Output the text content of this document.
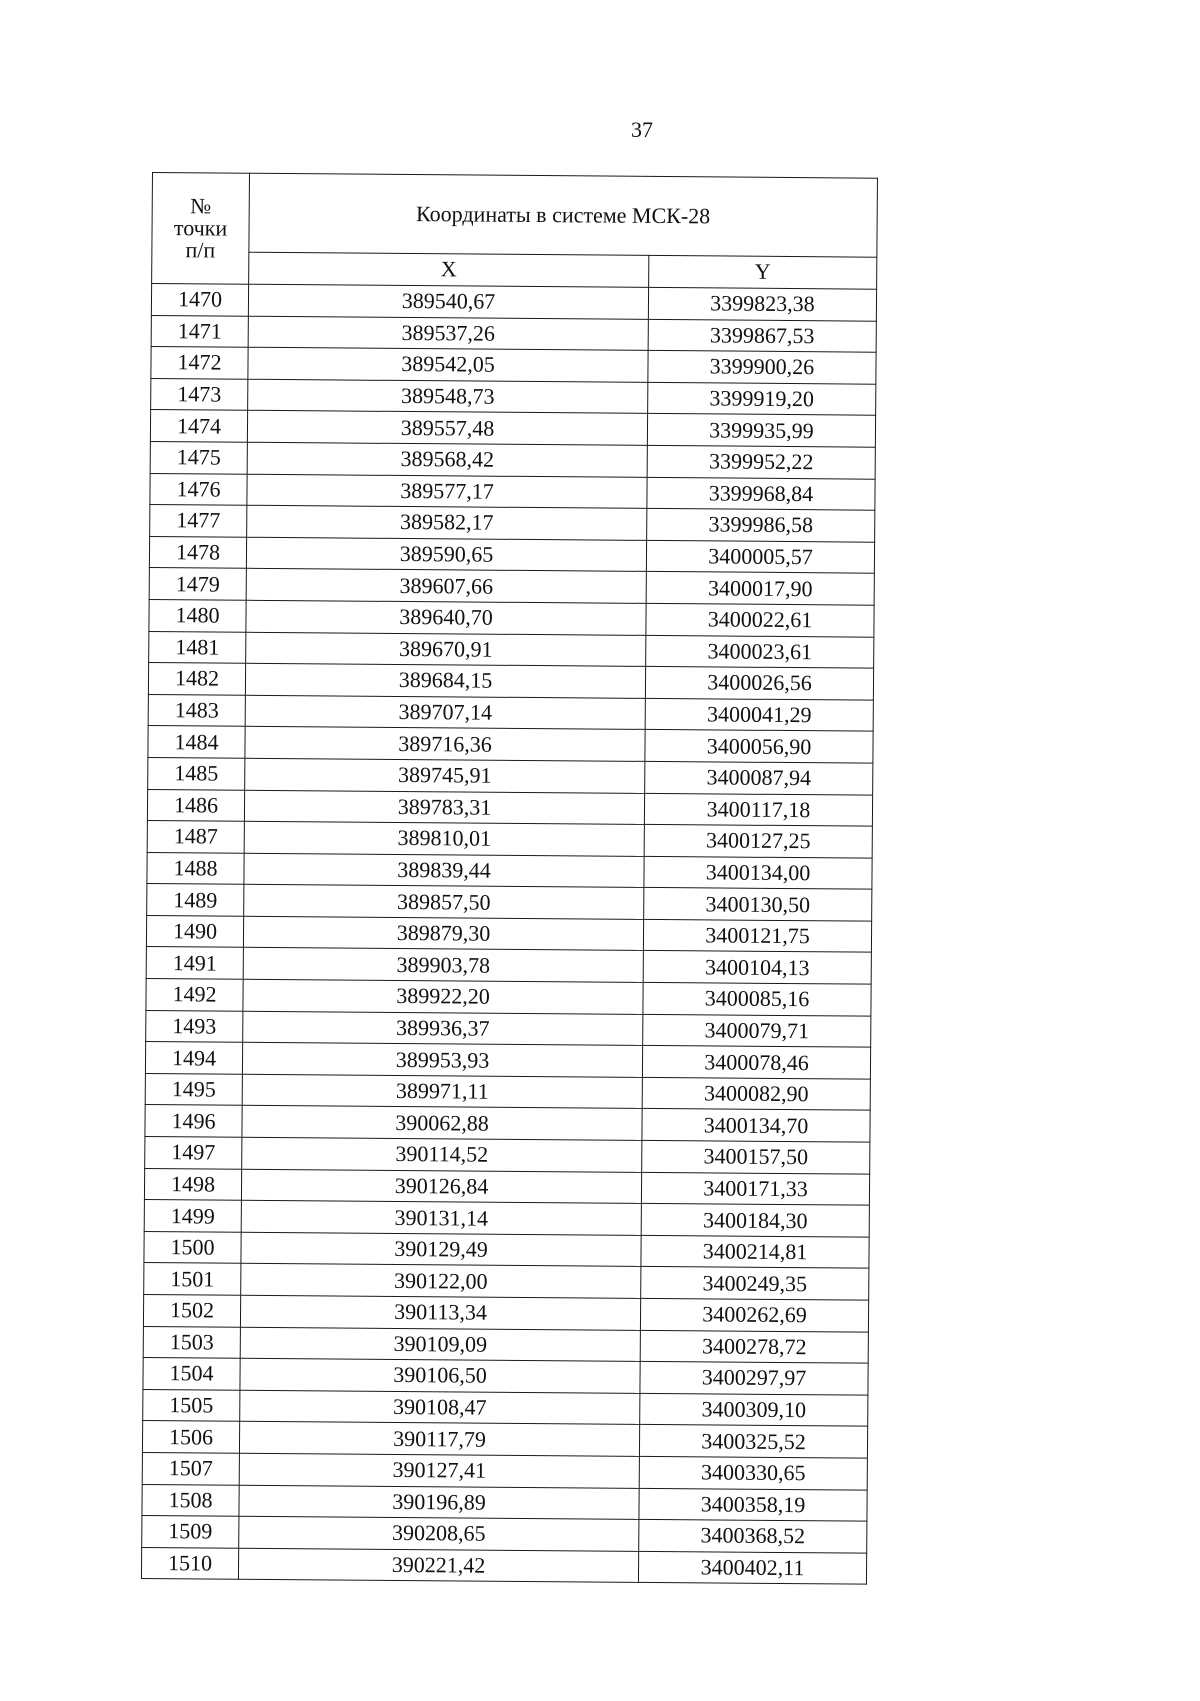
37
№
точки
п/п	Координаты в системе МСК-28	
	X	Y
1470	389540,67	3399823,38
1471	389537,26	3399867,53
1472	389542,05	3399900,26
1473	389548,73	3399919,20
1474	389557,48	3399935,99
1475	389568,42	3399952,22
1476	389577,17	3399968,84
1477	389582,17	3399986,58
1478	389590,65	3400005,57
1479	389607,66	3400017,90
1480	389640,70	3400022,61
1481	389670,91	3400023,61
1482	389684,15	3400026,56
1483	389707,14	3400041,29
1484	389716,36	3400056,90
1485	389745,91	3400087,94
1486	389783,31	3400117,18
1487	389810,01	3400127,25
1488	389839,44	3400134,00
1489	389857,50	3400130,50
1490	389879,30	3400121,75
1491	389903,78	3400104,13
1492	389922,20	3400085,16
1493	389936,37	3400079,71
1494	389953,93	3400078,46
1495	389971,11	3400082,90
1496	390062,88	3400134,70
1497	390114,52	3400157,50
1498	390126,84	3400171,33
1499	390131,14	3400184,30
1500	390129,49	3400214,81
1501	390122,00	3400249,35
1502	390113,34	3400262,69
1503	390109,09	3400278,72
1504	390106,50	3400297,97
1505	390108,47	3400309,10
1506	390117,79	3400325,52
1507	390127,41	3400330,65
1508	390196,89	3400358,19
1509	390208,65	3400368,52
1510	390221,42	3400402,11
